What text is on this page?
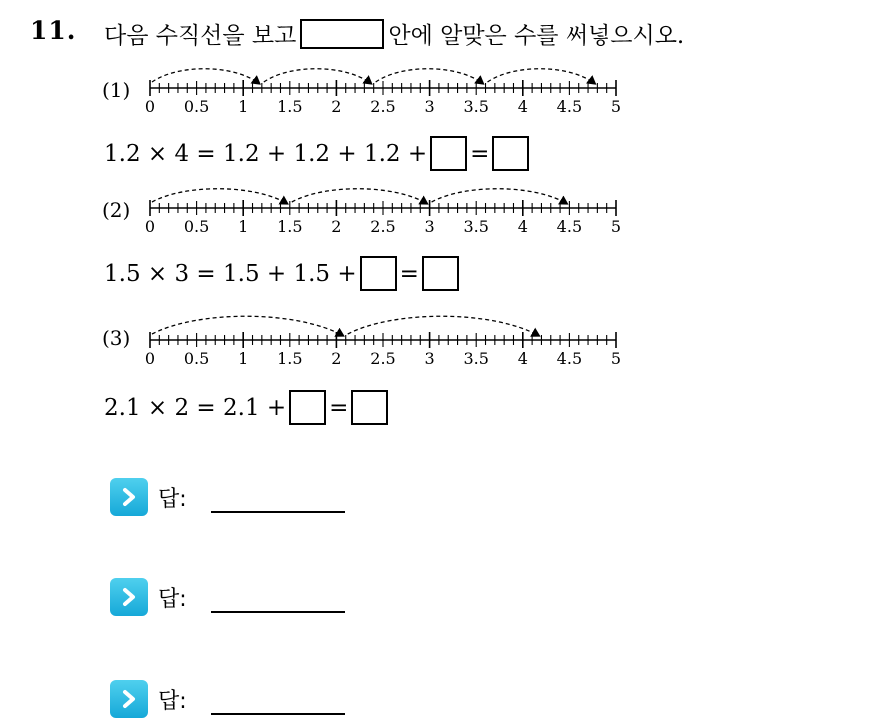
11. 다음 수직선을 보고	안에 알맞은 수를 써넣으시오.
(1)
0 0.5 1 1.5 2 2.5 3 3.5 4 4.5 5
1.2 × 4 = 1.2 + 1.2 + 1.2 + =
(2)
0 0.5 1 1.5 2 2.5 3 3.5 4 4.5 5
1.5 × 3 = 1.5 + 1.5 + =
(3)
0 0.5 1 1.5 2 2.5 3 3.5 4 4.5 5
2.1 × 2 = 2.1 + =
답:
답:
답:
